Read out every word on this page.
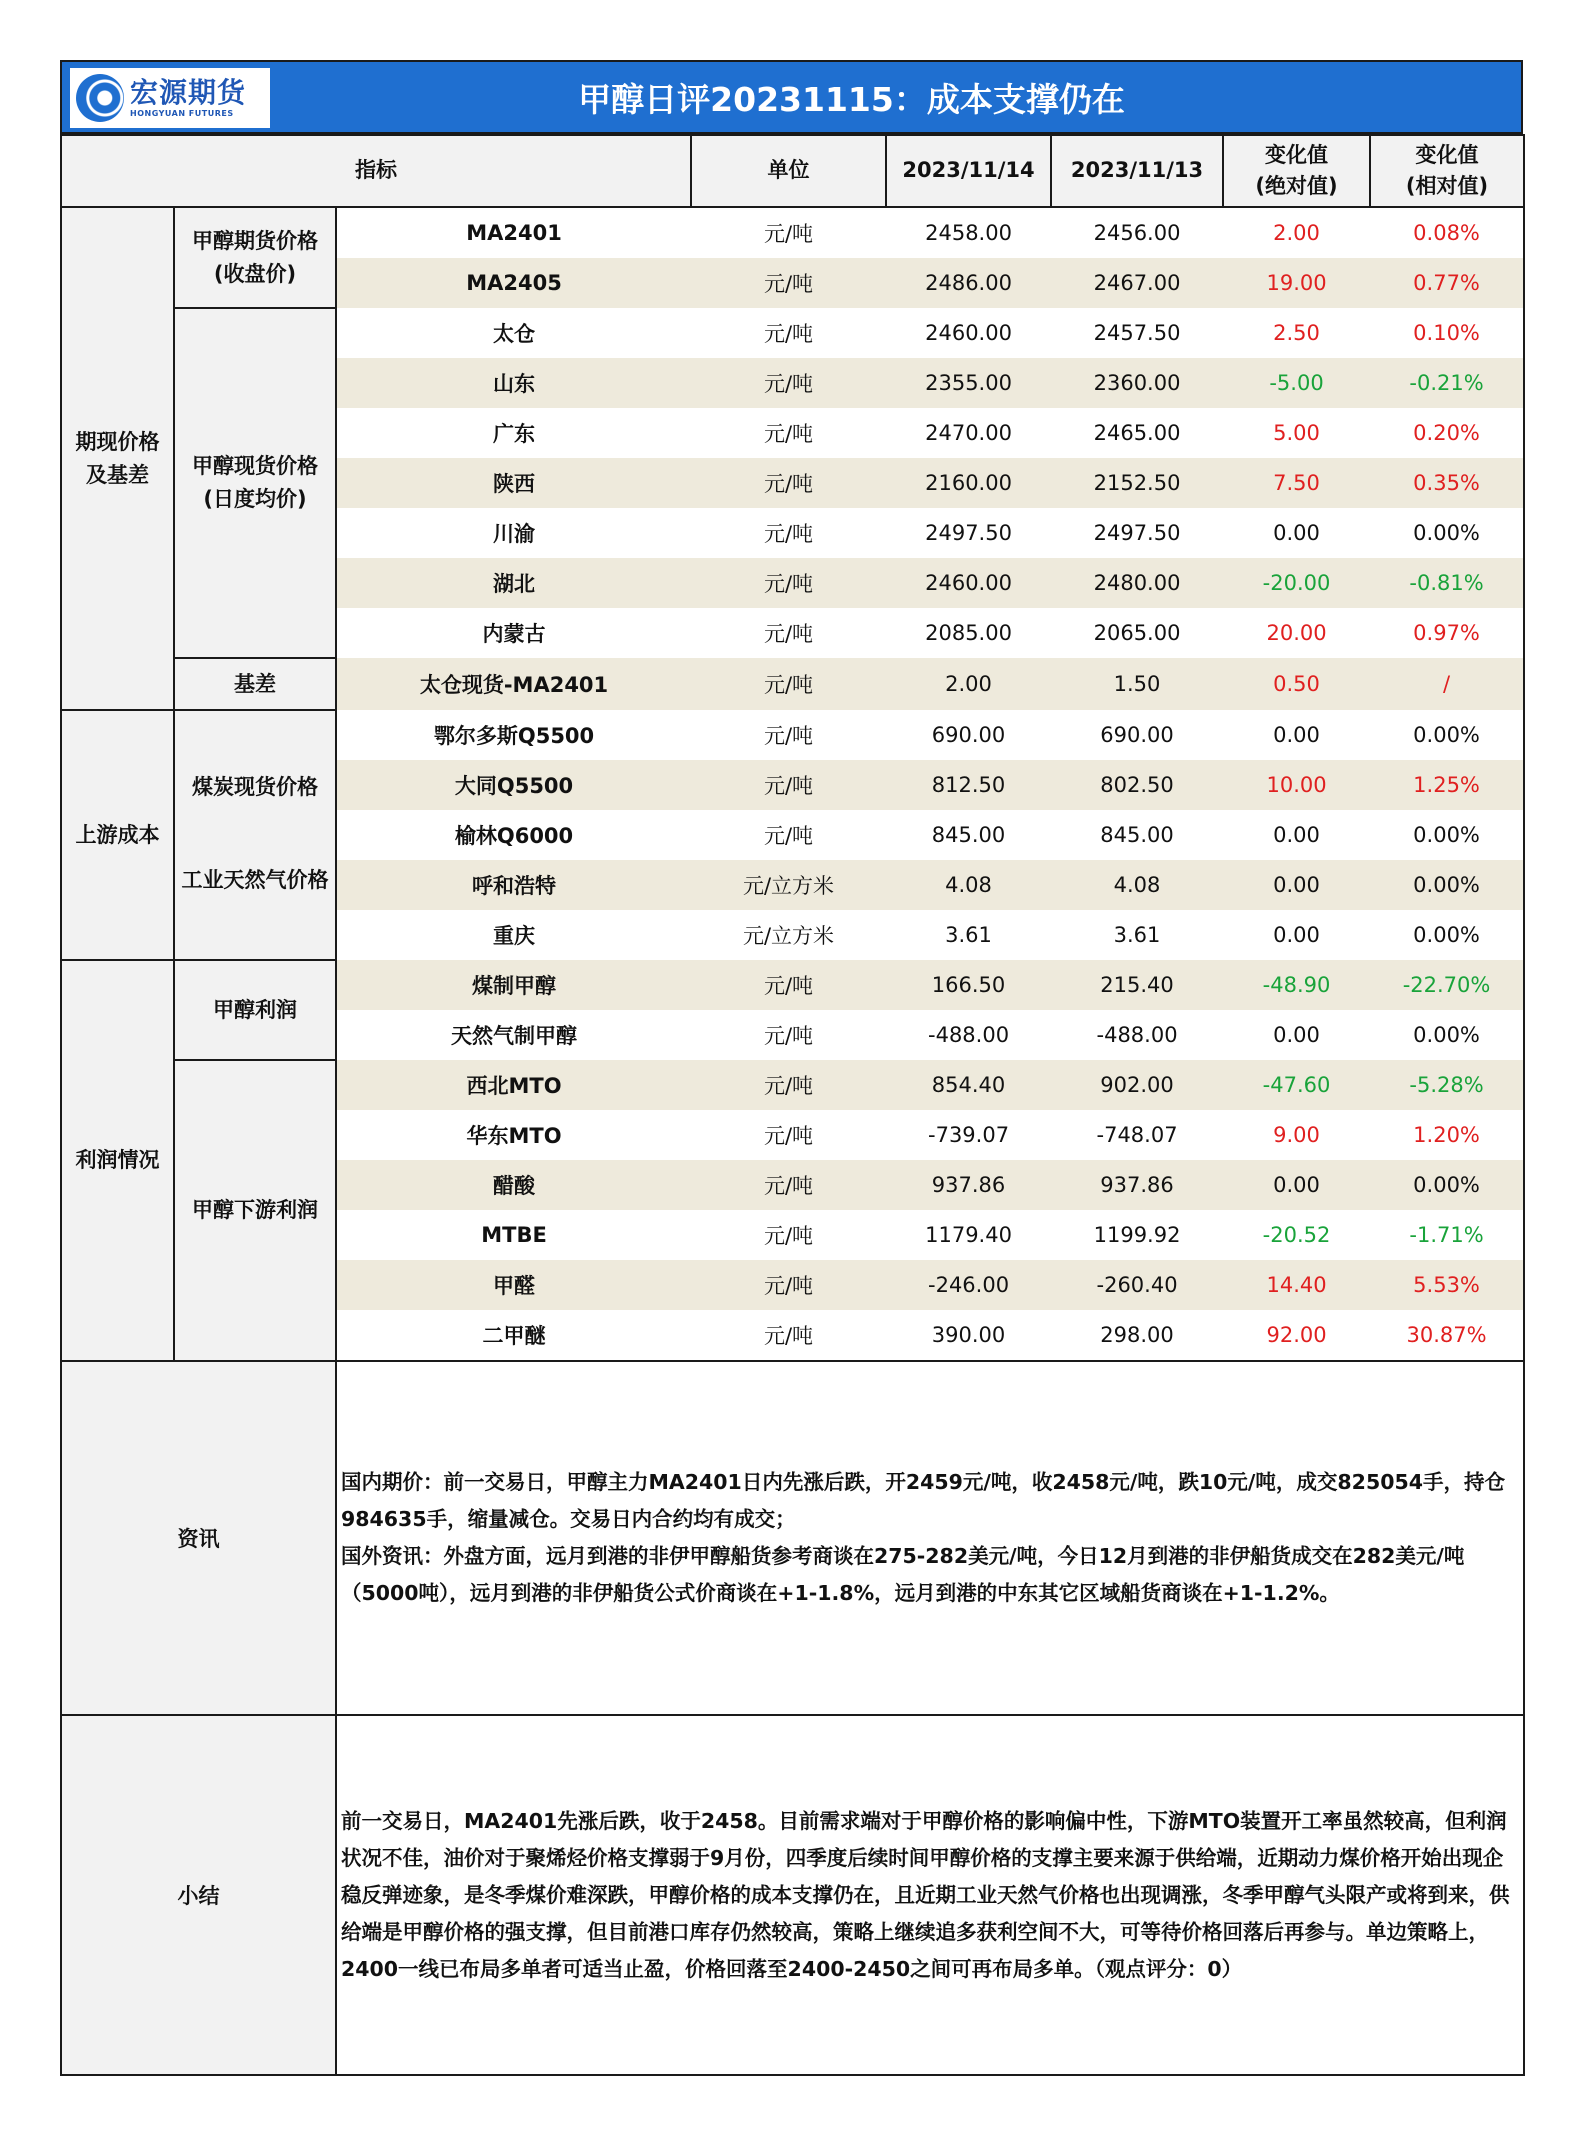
宏源期货
HONGYUAN FUTURES	甲醇日评20231115：成本支撑仍在
指标			单位	2023/11/14	2023/11/13	变化值
(绝对值)	变化值
(相对值)
期现价格
及基差	甲醇期货价格
(收盘价)	MA2401	元/吨	2458.00	2456.00	2.00	0.08%
		MA2405	元/吨	2486.00	2467.00	19.00	0.77%
	甲醇现货价格
(日度均价)	太仓	元/吨	2460.00	2457.50	2.50	0.10%
		山东	元/吨	2355.00	2360.00	-5.00	-0.21%
		广东	元/吨	2470.00	2465.00	5.00	0.20%
		陕西	元/吨	2160.00	2152.50	7.50	0.35%
		川渝	元/吨	2497.50	2497.50	0.00	0.00%
		湖北	元/吨	2460.00	2480.00	-20.00	-0.81%
		内蒙古	元/吨	2085.00	2065.00	20.00	0.97%
	基差	太仓现货-MA2401	元/吨	2.00	1.50	0.50	/
上游成本	煤炭现货价格	鄂尔多斯Q5500	元/吨	690.00	690.00	0.00	0.00%
		大同Q5500	元/吨	812.50	802.50	10.00	1.25%
		榆林Q6000	元/吨	845.00	845.00	0.00	0.00%
	工业天然气价格	呼和浩特	元/立方米	4.08	4.08	0.00	0.00%
		重庆	元/立方米	3.61	3.61	0.00	0.00%
利润情况	甲醇利润	煤制甲醇	元/吨	166.50	215.40	-48.90	-22.70%
		天然气制甲醇	元/吨	-488.00	-488.00	0.00	0.00%
	甲醇下游利润	西北MTO	元/吨	854.40	902.00	-47.60	-5.28%
		华东MTO	元/吨	-739.07	-748.07	9.00	1.20%
		醋酸	元/吨	937.86	937.86	0.00	0.00%
		MTBE	元/吨	1179.40	1199.92	-20.52	-1.71%
		甲醛	元/吨	-246.00	-260.40	14.40	5.53%
		二甲醚	元/吨	390.00	298.00	92.00	30.87%
资讯		国内期价：前一交易日，甲醇主力MA2401日内先涨后跌，开2459元/吨，收2458元/吨，跌10元/吨，成交825054手，持仓984635手，缩量减仓。交易日内合约均有成交；

国外资讯：外盘方面，远月到港的非伊甲醇船货参考商谈在275-282美元/吨，今日12月到港的非伊船货成交在282美元/吨（5000吨），远月到港的非伊船货公式价商谈在+1-1.8%，远月到港的中东其它区域船货商谈在+1-1.2%。					

小结		前一交易日，MA2401先涨后跌，收于2458。目前需求端对于甲醇价格的影响偏中性，下游MTO装置开工率虽然较高，但利润状况不佳，油价对于聚烯烃价格支撑弱于9月份，四季度后续时间甲醇价格的支撑主要来源于供给端，近期动力煤价格开始出现企稳反弹迹象，是冬季煤价难深跌，甲醇价格的成本支撑仍在，且近期工业天然气价格也出现调涨，冬季甲醇气头限产或将到来，供给端是甲醇价格的强支撑，但目前港口库存仍然较高，策略上继续追多获利空间不大，可等待价格回落后再参与。单边策略上，2400一线已布局多单者可适当止盈，价格回落至2400-2450之间可再布局多单。（观点评分：0）					
